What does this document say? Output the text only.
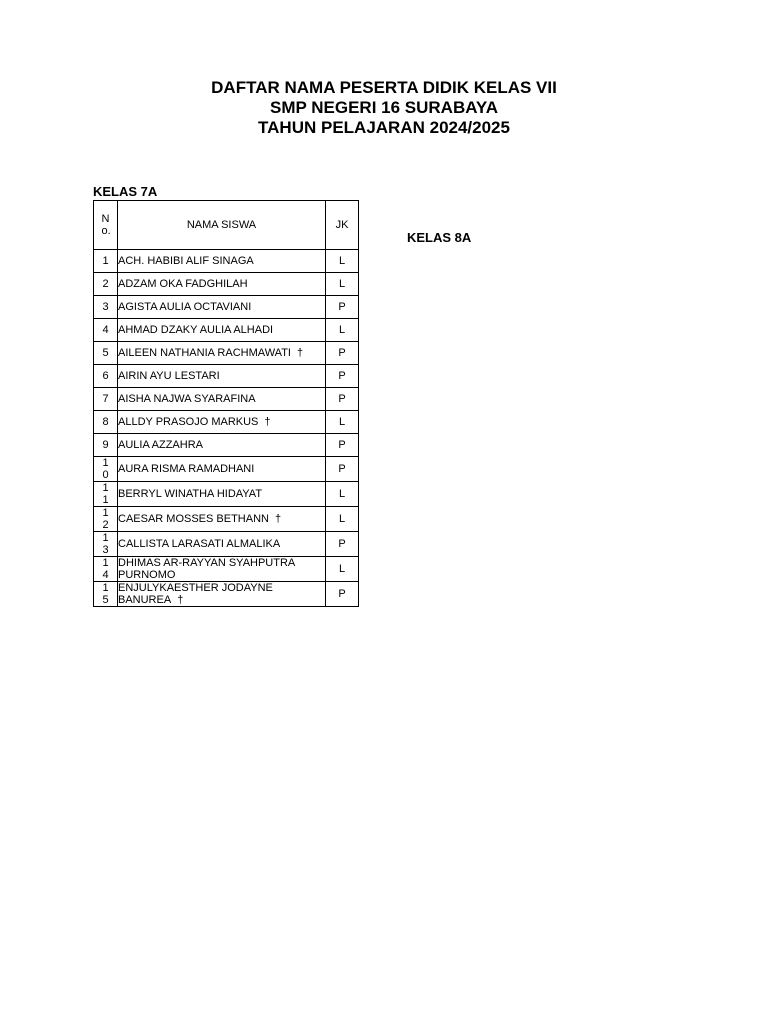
DAFTAR NAMA PESERTA DIDIK KELAS VII
SMP NEGERI 16 SURABAYA
TAHUN PELAJARAN 2024/2025
KELAS 7A
KELAS 8A
No.	NAMA SISWA	JK
1	ACH. HABIBI ALIF SINAGA	L
2	ADZAM OKA FADGHILAH	L
3	AGISTA AULIA OCTAVIANI	P
4	AHMAD DZAKY AULIA ALHADI	L
5	AILEEN NATHANIA RACHMAWATI †	P
6	AIRIN AYU LESTARI	P
7	AISHA NAJWA SYARAFINA	P
8	ALLDY PRASOJO MARKUS †	L
9	AULIA AZZAHRA	P
10	AURA RISMA RAMADHANI	P
11	BERRYL WINATHA HIDAYAT	L
12	CAESAR MOSSES BETHANN †	L
13	CALLISTA LARASATI ALMALIKA	P
14	DHIMAS AR-RAYYAN SYAHPUTRA PURNOMO	L
15	ENJULYKAESTHER JODAYNE BANUREA †	P
